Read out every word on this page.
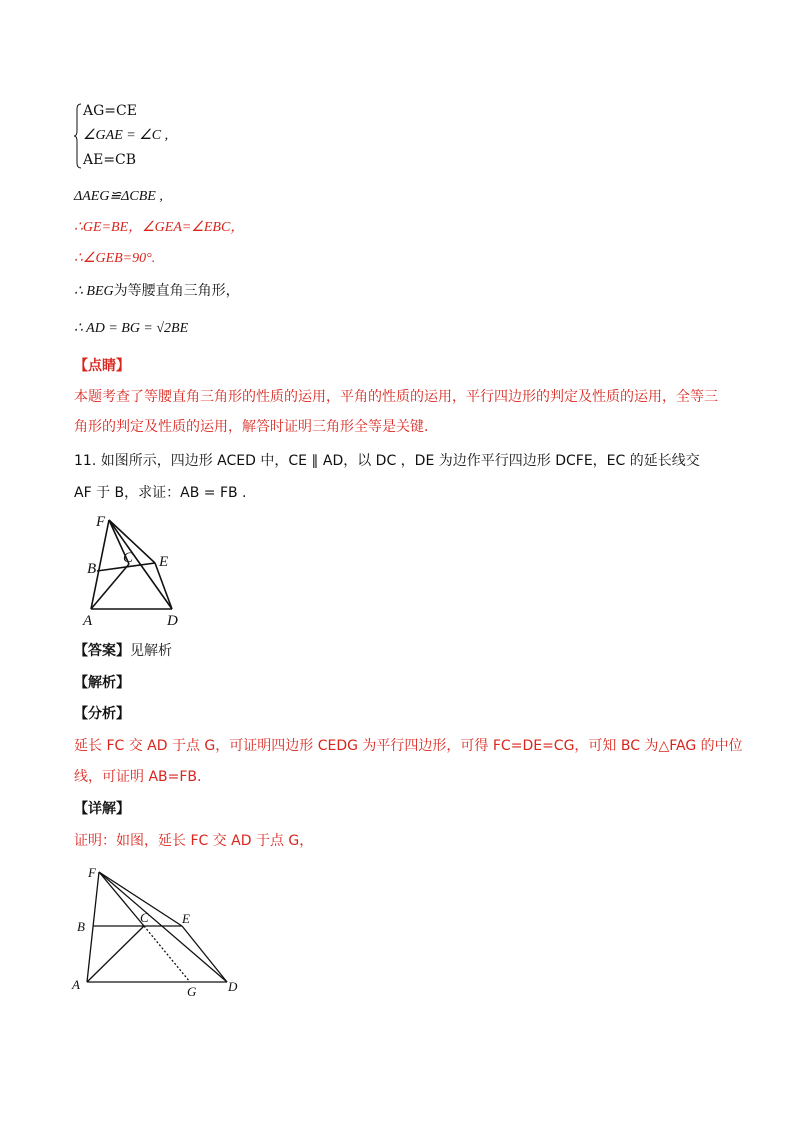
AG=CE
∠GAE = ∠C ,
AE=CB
ΔAEG≌ΔCBE ,
∴GE=BE，∠GEA=∠EBC，
∴∠GEB=90°.
∴ BEG为等腰直角三角形，
∴ AD = BG = √2BE
【点睛】
本题考查了等腰直角三角形的性质的运用，平角的性质的运用，平行四边形的判定及性质的运用，全等三角形的判定及性质的运用，解答时证明三角形全等是关键．
11. 如图所示，四边形 ACED 中，CE ∥ AD，以 DC ，DE 为边作平行四边形 DCFE，EC 的延长线交
AF 于 B，求证：AB = FB .
F
B
C E
A	D
【答案】见解析
【解析】
【分析】
延长 FC 交 AD 于点 G，可证明四边形 CEDG 为平行四边形，可得 FC=DE=CG，可知 BC 为△FAG 的中位
线，可证明 AB=FB.
【详解】
证明：如图，延长 FC 交 AD 于点 G，
F
B
C	E
A	G D
